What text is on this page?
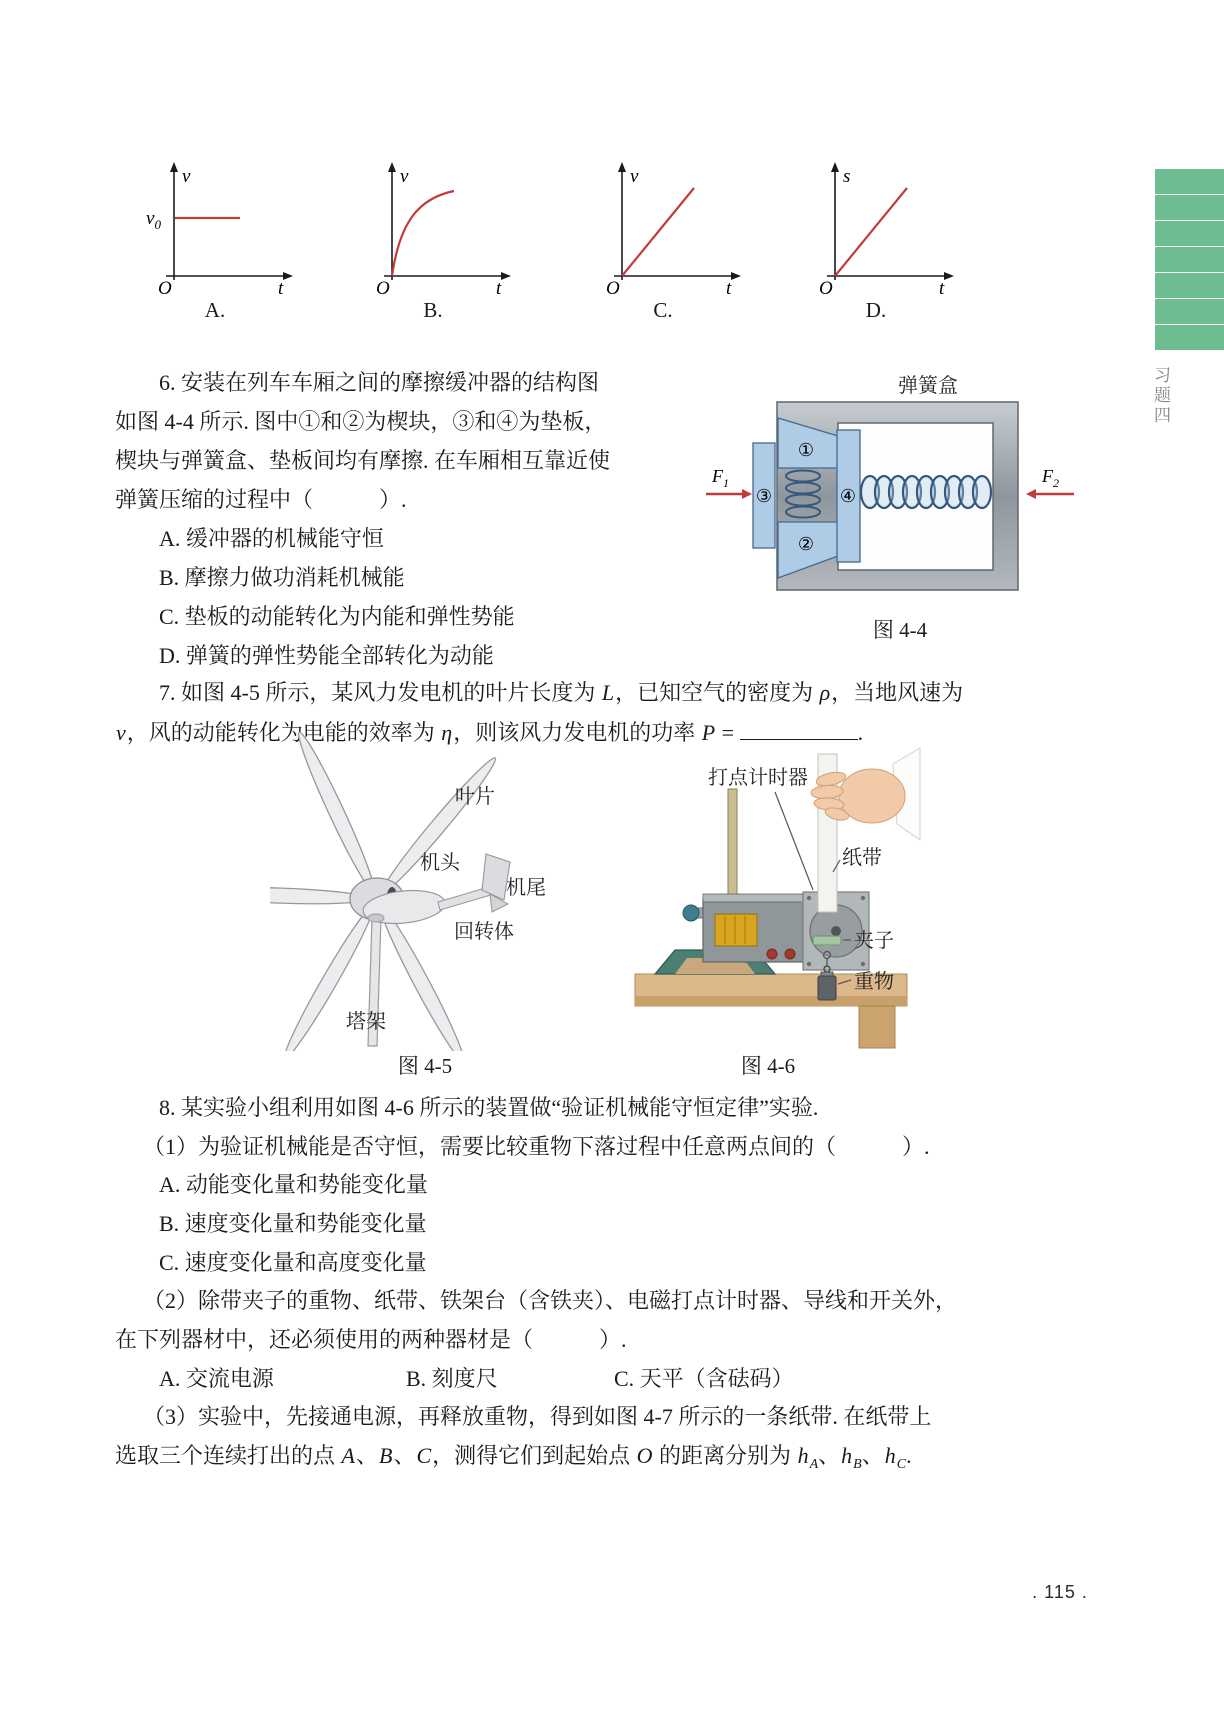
v
$v_0$
O	t
A.
v
O	t
B.
v
O	t
C.
s
O	t
D.
6. 安装在列车车厢之间的摩擦缓冲器的结构图
如图 4-4 所示. 图中①和②为楔块，③和④为垫板，
楔块与弹簧盒、垫板间均有摩擦. 在车厢相互靠近使
弹簧压缩的过程中（　　　）.
A. 缓冲器的机械能守恒
B. 摩擦力做功消耗机械能
C. 垫板的动能转化为内能和弹性势能
D. 弹簧的弹性势能全部转化为动能
弹簧盒
①
②
③	④
$F_1$	$F_2$
图 4-4
7. 如图 4-5 所示，某风力发电机的叶片长度为 L，已知空气的密度为 ρ，当地风速为
v，风的动能转化为电能的效率为 η，则该风力发电机的功率 P =	.
叶片
机头
机尾
回转体
塔架
图 4-5
打点计时器
纸带
夹子
重物
图 4-6
8. 某实验小组利用如图 4-6 所示的装置做“验证机械能守恒定律”实验.
（1）为验证机械能是否守恒，需要比较重物下落过程中任意两点间的（　　　）.
A. 动能变化量和势能变化量
B. 速度变化量和势能变化量
C. 速度变化量和高度变化量
（2）除带夹子的重物、纸带、铁架台（含铁夹）、电磁打点计时器、导线和开关外，
在下列器材中，还必须使用的两种器材是（　　　）.
A. 交流电源	B. 刻度尺	C. 天平（含砝码）
（3）实验中，先接通电源，再释放重物，得到如图 4-7 所示的一条纸带. 在纸带上
选取三个连续打出的点 A、B、C，测得它们到起始点 O 的距离分别为 $h_A$、$h_B$、$h_C$.
习题四
. 115 .
